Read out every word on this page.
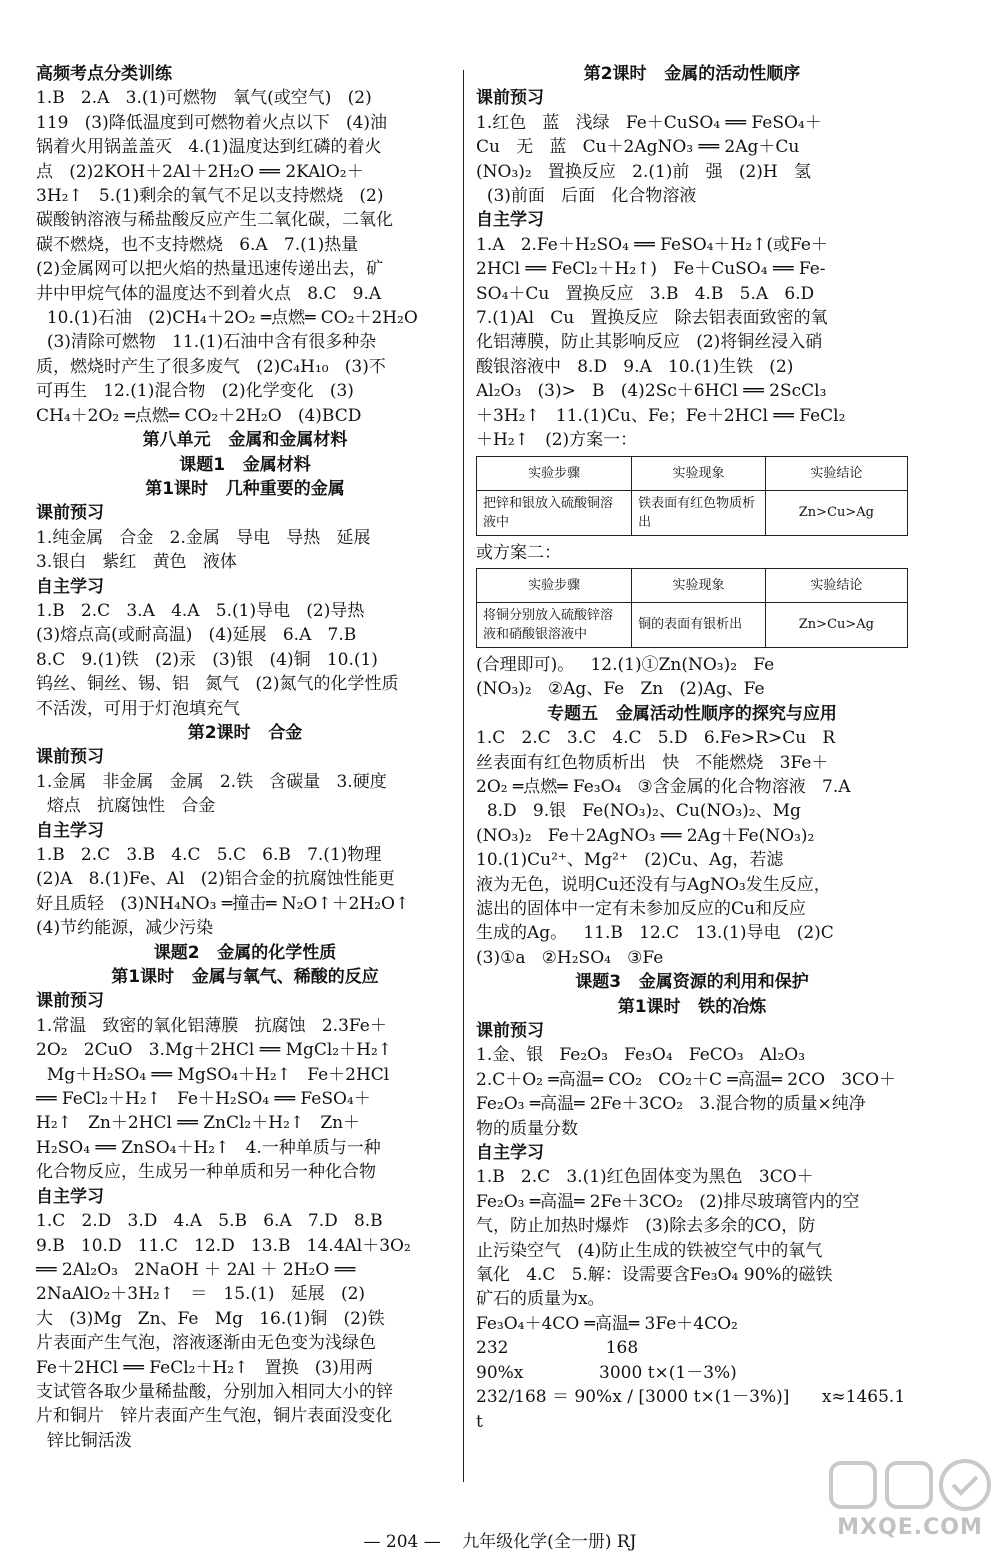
高频考点分类训练
1.B   2.A   3.(1)可燃物   氧气(或空气)   (2)
119   (3)降低温度到可燃物着火点以下   (4)油
锅着火用锅盖盖灭   4.(1)温度达到红磷的着火
点   (2)2KOH＋2Al＋2H₂O ══ 2KAlO₂＋
3H₂↑   5.(1)剩余的氧气不足以支持燃烧   (2)
碳酸钠溶液与稀盐酸反应产生二氧化碳，二氧化
碳不燃烧，也不支持燃烧   6.A   7.(1)热量
(2)金属网可以把火焰的热量迅速传递出去，矿
井中甲烷气体的温度达不到着火点   8.C   9.A
10.(1)石油   (2)CH₄＋2O₂ ═点燃═ CO₂＋2H₂O
(3)清除可燃物   11.(1)石油中含有很多种杂
质，燃烧时产生了很多废气   (2)C₄H₁₀   (3)不
可再生   12.(1)混合物   (2)化学变化   (3)
CH₄＋2O₂ ═点燃═ CO₂＋2H₂O   (4)BCD
第八单元   金属和金属材料
课题1   金属材料
第1课时   几种重要的金属
课前预习
1.纯金属   合金   2.金属   导电   导热   延展
3.银白   紫红   黄色   液体
自主学习
1.B   2.C   3.A   4.A   5.(1)导电   (2)导热
(3)熔点高(或耐高温)   (4)延展   6.A   7.B
8.C   9.(1)铁   (2)汞   (3)银   (4)铜   10.(1)
钨丝、铜丝、锡、铝   氮气   (2)氮气的化学性质
不活泼，可用于灯泡填充气
第2课时   合金
课前预习
1.金属   非金属   金属   2.铁   含碳量   3.硬度
熔点   抗腐蚀性   合金
自主学习
1.B   2.C   3.B   4.C   5.C   6.B   7.(1)物理
(2)A   8.(1)Fe、Al   (2)铝合金的抗腐蚀性能更
好且质轻   (3)NH₄NO₃ ═撞击═ N₂O↑＋2H₂O↑
(4)节约能源，减少污染
课题2   金属的化学性质
第1课时   金属与氧气、稀酸的反应
课前预习
1.常温   致密的氧化铝薄膜   抗腐蚀   2.3Fe＋
2O₂   2CuO   3.Mg＋2HCl ══ MgCl₂＋H₂↑
Mg＋H₂SO₄ ══ MgSO₄＋H₂↑   Fe＋2HCl
══ FeCl₂＋H₂↑   Fe＋H₂SO₄ ══ FeSO₄＋
H₂↑   Zn＋2HCl ══ ZnCl₂＋H₂↑   Zn＋
H₂SO₄ ══ ZnSO₄＋H₂↑   4.一种单质与一种
化合物反应，生成另一种单质和另一种化合物
自主学习
1.C   2.D   3.D   4.A   5.B   6.A   7.D   8.B
9.B   10.D   11.C   12.D   13.B   14.4Al＋3O₂
══ 2Al₂O₃   2NaOH ＋ 2Al ＋ 2H₂O ══
2NaAlO₂＋3H₂↑   ＝   15.(1)   延展   (2)
大   (3)Mg   Zn、Fe   Mg   16.(1)铜   (2)铁
片表面产生气泡，溶液逐渐由无色变为浅绿色
Fe＋2HCl ══ FeCl₂＋H₂↑   置换   (3)用两
支试管各取少量稀盐酸，分别加入相同大小的锌
片和铜片   锌片表面产生气泡，铜片表面没变化
锌比铜活泼
第2课时   金属的活动性顺序
课前预习
1.红色   蓝   浅绿   Fe＋CuSO₄ ══ FeSO₄＋
Cu   无   蓝   Cu＋2AgNO₃ ══ 2Ag＋Cu
(NO₃)₂   置换反应   2.(1)前   强   (2)H   氢
(3)前面   后面   化合物溶液
自主学习
1.A   2.Fe＋H₂SO₄ ══ FeSO₄＋H₂↑(或Fe＋
2HCl ══ FeCl₂＋H₂↑)   Fe＋CuSO₄ ══ Fe-
SO₄＋Cu   置换反应   3.B   4.B   5.A   6.D
7.(1)Al   Cu   置换反应   除去铝表面致密的氧
化铝薄膜，防止其影响反应   (2)将铜丝浸入硝
酸银溶液中   8.D   9.A   10.(1)生铁   (2)
Al₂O₃   (3)>   B   (4)2Sc＋6HCl ══ 2ScCl₃
＋3H₂↑   11.(1)Cu、Fe；Fe＋2HCl ══ FeCl₂
＋H₂↑   (2)方案一：
实验步骤	实验现象	实验结论
把锌和银放入硫酸铜溶液中	铁表面有红色物质析出	Zn>Cu>Ag
或方案二：
实验步骤	实验现象	实验结论
将铜分别放入硫酸锌溶液和硝酸银溶液中	铜的表面有银析出	Zn>Cu>Ag
(合理即可)。   12.(1)①Zn(NO₃)₂   Fe
(NO₃)₂   ②Ag、Fe   Zn   (2)Ag、Fe
专题五   金属活动性顺序的探究与应用
1.C   2.C   3.C   4.C   5.D   6.Fe>R>Cu   R
丝表面有红色物质析出   快   不能燃烧   3Fe＋
2O₂ ═点燃═ Fe₃O₄   ③含金属的化合物溶液   7.A
8.D   9.银   Fe(NO₃)₂、Cu(NO₃)₂、Mg
(NO₃)₂   Fe＋2AgNO₃ ══ 2Ag＋Fe(NO₃)₂
10.(1)Cu²⁺、Mg²⁺   (2)Cu、Ag，若滤
液为无色，说明Cu还没有与AgNO₃发生反应，
滤出的固体中一定有未参加反应的Cu和反应
生成的Ag。   11.B   12.C   13.(1)导电   (2)C
(3)①a   ②H₂SO₄   ③Fe
课题3   金属资源的利用和保护
第1课时   铁的冶炼
课前预习
1.金、银   Fe₂O₃   Fe₃O₄   FeCO₃   Al₂O₃
2.C＋O₂ ═高温═ CO₂   CO₂＋C ═高温═ 2CO   3CO＋
Fe₂O₃ ═高温═ 2Fe＋3CO₂   3.混合物的质量×纯净
物的质量分数
自主学习
1.B   2.C   3.(1)红色固体变为黑色   3CO＋
Fe₂O₃ ═高温═ 2Fe＋3CO₂   (2)排尽玻璃管内的空
气，防止加热时爆炸   (3)除去多余的CO，防
止污染空气   (4)防止生成的铁被空气中的氧气
氧化   4.C   5.解：设需要含Fe₃O₄ 90%的磁铁
矿石的质量为x。
Fe₃O₄＋4CO ═高温═ 3Fe＋4CO₂
232                  168
90%x              3000 t×(1－3%)
232/168 ＝ 90%x / [3000 t×(1－3%)]      x≈1465.1 t
— 204 — 九年级化学(全一册) RJ
MXQE.COM
